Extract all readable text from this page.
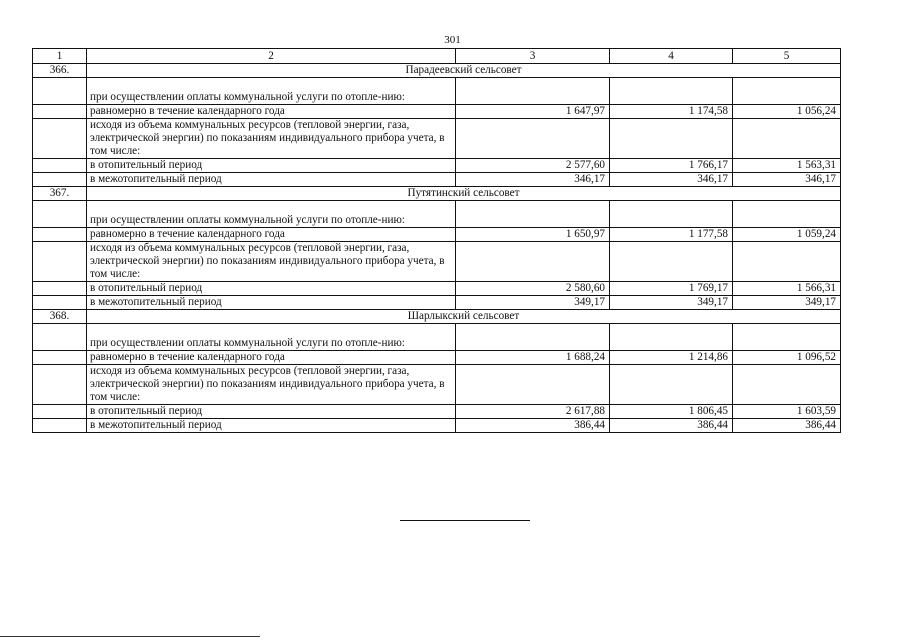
301
1	2	3	4	5
366.	Парадеевский сельсовет			
	при осуществлении оплаты коммунальной услуги по отопле-нию:			
	равномерно в течение календарного года	1 647,97	1 174,58	1 056,24
	исходя из объема коммунальных ресурсов (тепловой энергии, газа, электрической энергии) по показаниям индивидуального прибора учета, в том числе:			
	в отопительный период	2 577,60	1 766,17	1 563,31
	в межотопительный период	346,17	346,17	346,17
367.	Путятинский сельсовет			
	при осуществлении оплаты коммунальной услуги по отопле-нию:			
	равномерно в течение календарного года	1 650,97	1 177,58	1 059,24
	исходя из объема коммунальных ресурсов (тепловой энергии, газа, электрической энергии) по показаниям индивидуального прибора учета, в том числе:			
	в отопительный период	2 580,60	1 769,17	1 566,31
	в межотопительный период	349,17	349,17	349,17
368.	Шарлыкский сельсовет			
	при осуществлении оплаты коммунальной услуги по отопле-нию:			
	равномерно в течение календарного года	1 688,24	1 214,86	1 096,52
	исходя из объема коммунальных ресурсов (тепловой энергии, газа, электрической энергии) по показаниям индивидуального прибора учета, в том числе:			
	в отопительный период	2 617,88	1 806,45	1 603,59
	в межотопительный период	386,44	386,44	386,44
